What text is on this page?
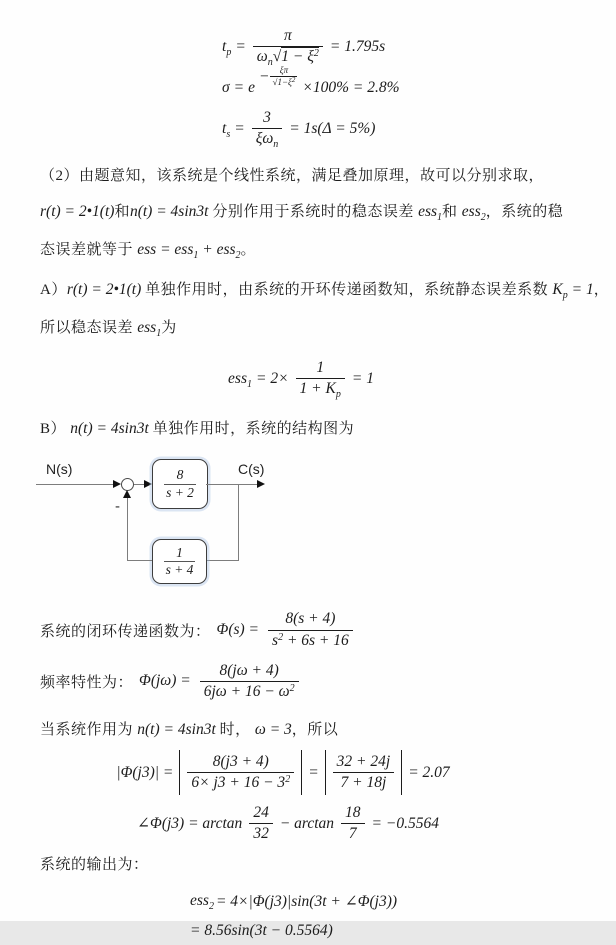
$t_p = \frac{\pi}{\omega_n√1 - \xi^2} = 1.795s$
σ = e
− $\frac{\xi\pi}{√1-\xi^2} \times 100\% = 2.8\%$
$t_s = \frac{3}{\xi\omega_n} = 1s(\Delta = 5\%)$

（2）由题意知，该系统是个线性系统，满足叠加原理，故可以分别求取，
r(t) = 2•1(t)和n(t) = 4sin3t 分别作用于系统时的稳态误差 ess$_1$和 ess$_2$，系统的稳
态误差就等于 ess = ess$_1$ + ess$_2$。

A）r(t) = 2•1(t) 单独作用时，由系统的开环传递函数知，系统静态误差系数 $K_p = 1$，
所以稳态误差 ess$_1$为

$ess_1 = 2\times \frac{1}{1 + K_p} = 1$

B） n(t) = 4sin3t 单独作用时，系统的结构图为

N(s)	C(s)
$\frac{8}{s + 2}$
$\frac{1}{s + 4}$
-
系统的闭环传递函数为： $\Phi(s) = \frac{8(s + 4)}{s^2 + 6s + 16}$
频率特性为： $\Phi(j\omega) = \frac{8(j\omega + 4)}{6j\omega + 16 - \omega^2}$

当系统作用为 n(t) = 4sin3t 时， ω = 3，所以

$|\Phi(j3)| = \frac{8(j3 + 4)}{6\times j3 + 16 - 3^2} = \frac{32 + 24j}{7 + 18j} = 2.07$
∠Φ(j3) = $\arctan \frac{24}{32} - \arctan \frac{18}{7} = -0.5564$

系统的输出为：

ess$_2$ = 4×|Φ(j3)|sin(3t + ∠Φ(j3))
= 8.56sin(3t − 0.5564)
